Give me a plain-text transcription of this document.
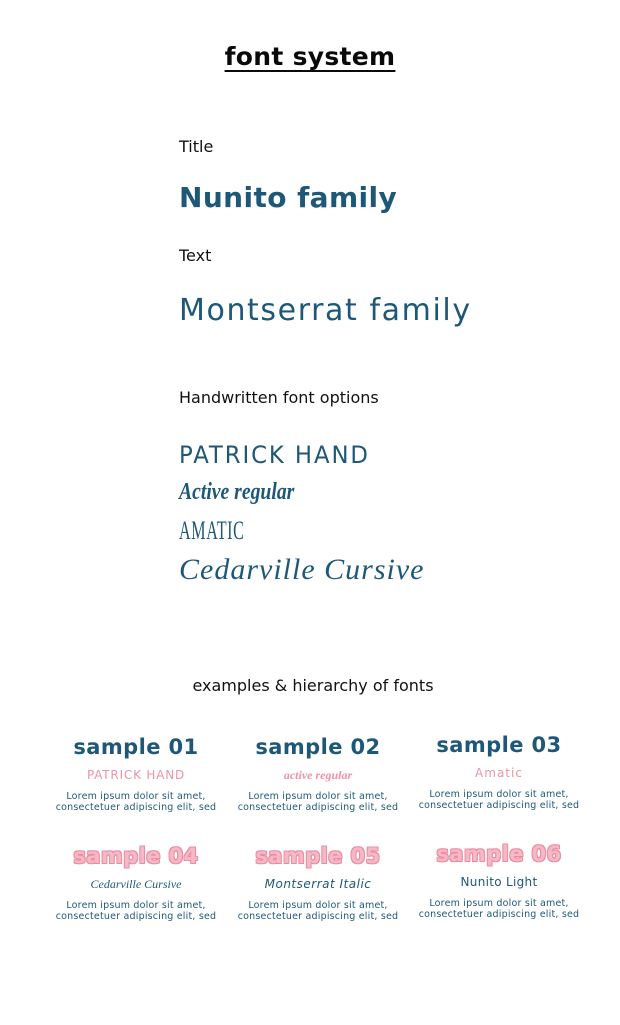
font system
Title
Nunito family
Text
Montserrat family
Handwritten font options
PATRICK HAND
Active regular
AMATIC
Cedarville Cursive
examples & hierarchy of fonts
sample 01
PATRICK HAND
Lorem ipsum dolor sit amet, consectetuer adipiscing elit, sed
sample 02
active regular
Lorem ipsum dolor sit amet, consectetuer adipiscing elit, sed
sample 03
Amatic
Lorem ipsum dolor sit amet, consectetuer adipiscing elit, sed
sample 04
Cedarville Cursive
Lorem ipsum dolor sit amet, consectetuer adipiscing elit, sed
sample 05
Montserrat Italic
Lorem ipsum dolor sit amet, consectetuer adipiscing elit, sed
sample 06
Nunito Light
Lorem ipsum dolor sit amet, consectetuer adipiscing elit, sed
